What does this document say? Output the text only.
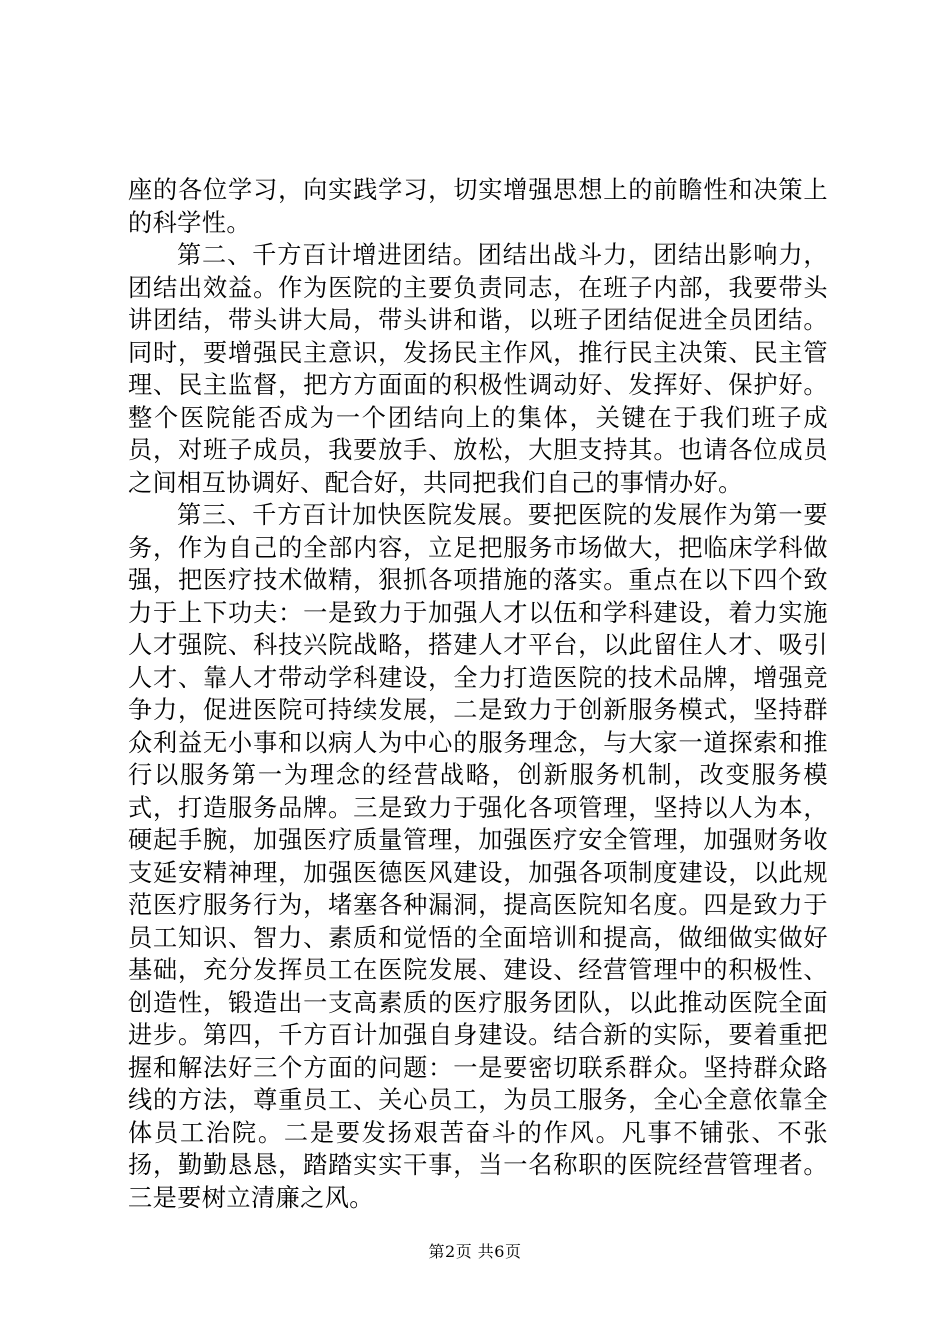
座的各位学习，向实践学习，切实增强思想上的前瞻性和决策上的科学性。

第二、千方百计增进团结。团结出战斗力，团结出影响力，团结出效益。作为医院的主要负责同志，在班子内部，我要带头讲团结，带头讲大局，带头讲和谐，以班子团结促进全员团结。同时，要增强民主意识，发扬民主作风，推行民主决策、民主管理、民主监督，把方方面面的积极性调动好、发挥好、保护好。整个医院能否成为一个团结向上的集体，关键在于我们班子成员，对班子成员，我要放手、放松，大胆支持其。也请各位成员之间相互协调好、配合好，共同把我们自己的事情办好。

第三、千方百计加快医院发展。要把医院的发展作为第一要务，作为自己的全部内容，立足把服务市场做大，把临床学科做强，把医疗技术做精，狠抓各项措施的落实。重点在以下四个致力于上下功夫：一是致力于加强人才以伍和学科建设，着力实施人才强院、科技兴院战略，搭建人才平台，以此留住人才、吸引人才、靠人才带动学科建设，全力打造医院的技术品牌，增强竞争力，促进医院可持续发展，二是致力于创新服务模式，坚持群众利益无小事和以病人为中心的服务理念，与大家一道探索和推行以服务第一为理念的经营战略，创新服务机制，改变服务模式，打造服务品牌。三是致力于强化各项管理，坚持以人为本，硬起手腕，加强医疗质量管理，加强医疗安全管理，加强财务收支延安精神理，加强医德医风建设，加强各项制度建设，以此规范医疗服务行为，堵塞各种漏洞，提高医院知名度。四是致力于员工知识、智力、素质和觉悟的全面培训和提高，做细做实做好基础，充分发挥员工在医院发展、建设、经营管理中的积极性、创造性，锻造出一支高素质的医疗服务团队，以此推动医院全面进步。第四，千方百计加强自身建设。结合新的实际，要着重把握和解法好三个方面的问题：一是要密切联系群众。坚持群众路线的方法，尊重员工、关心员工，为员工服务，全心全意依靠全体员工治院。二是要发扬艰苦奋斗的作风。凡事不铺张、不张扬，勤勤恳恳，踏踏实实干事，当一名称职的医院经营管理者。三是要树立清廉之风。

第2页 共6页
